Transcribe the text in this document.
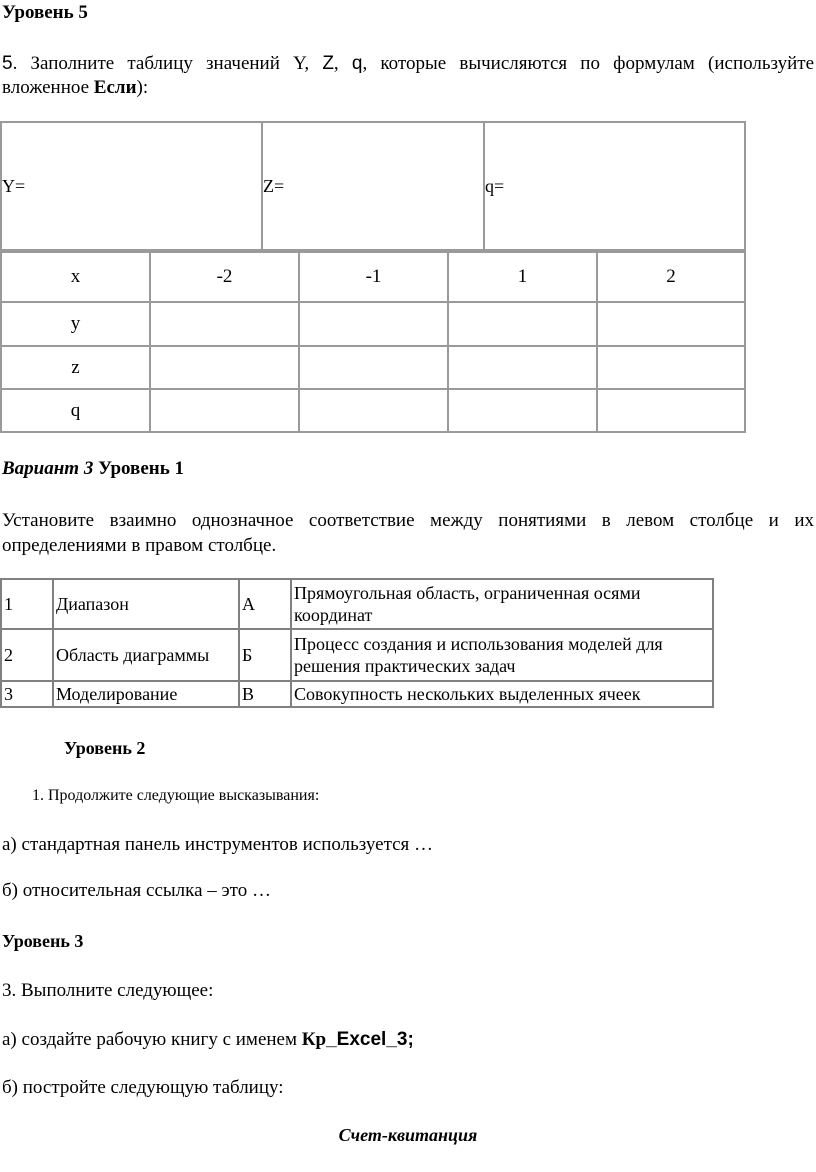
Уровень 5

5. Заполните таблицу значений Y, Z, q, которые вычисляются по формулам (используйте

вложенное Если):

Y=	Z=	q=
x	-2	-1	1	2
y				
z				
q				
Вариант 3 Уровень 1

Установите взаимно однозначное соответствие между понятиями в левом столбце и их

определениями в правом столбце.

1	Диапазон	А	Прямоугольная область, ограниченная осями координат
2	Область диаграммы	Б	Процесс создания и использования моделей для решения практических задач
3	Моделирование	В	Совокупность нескольких выделенных ячеек
Уровень 2
1. Продолжите следующие высказывания:
а) стандартная панель инструментов используется …
б) относительная ссылка – это …
Уровень 3
3. Выполните следующее:
а) создайте рабочую книгу с именем Кр_Excel_3;
б) постройте следующую таблицу:
Счет-квитанция
